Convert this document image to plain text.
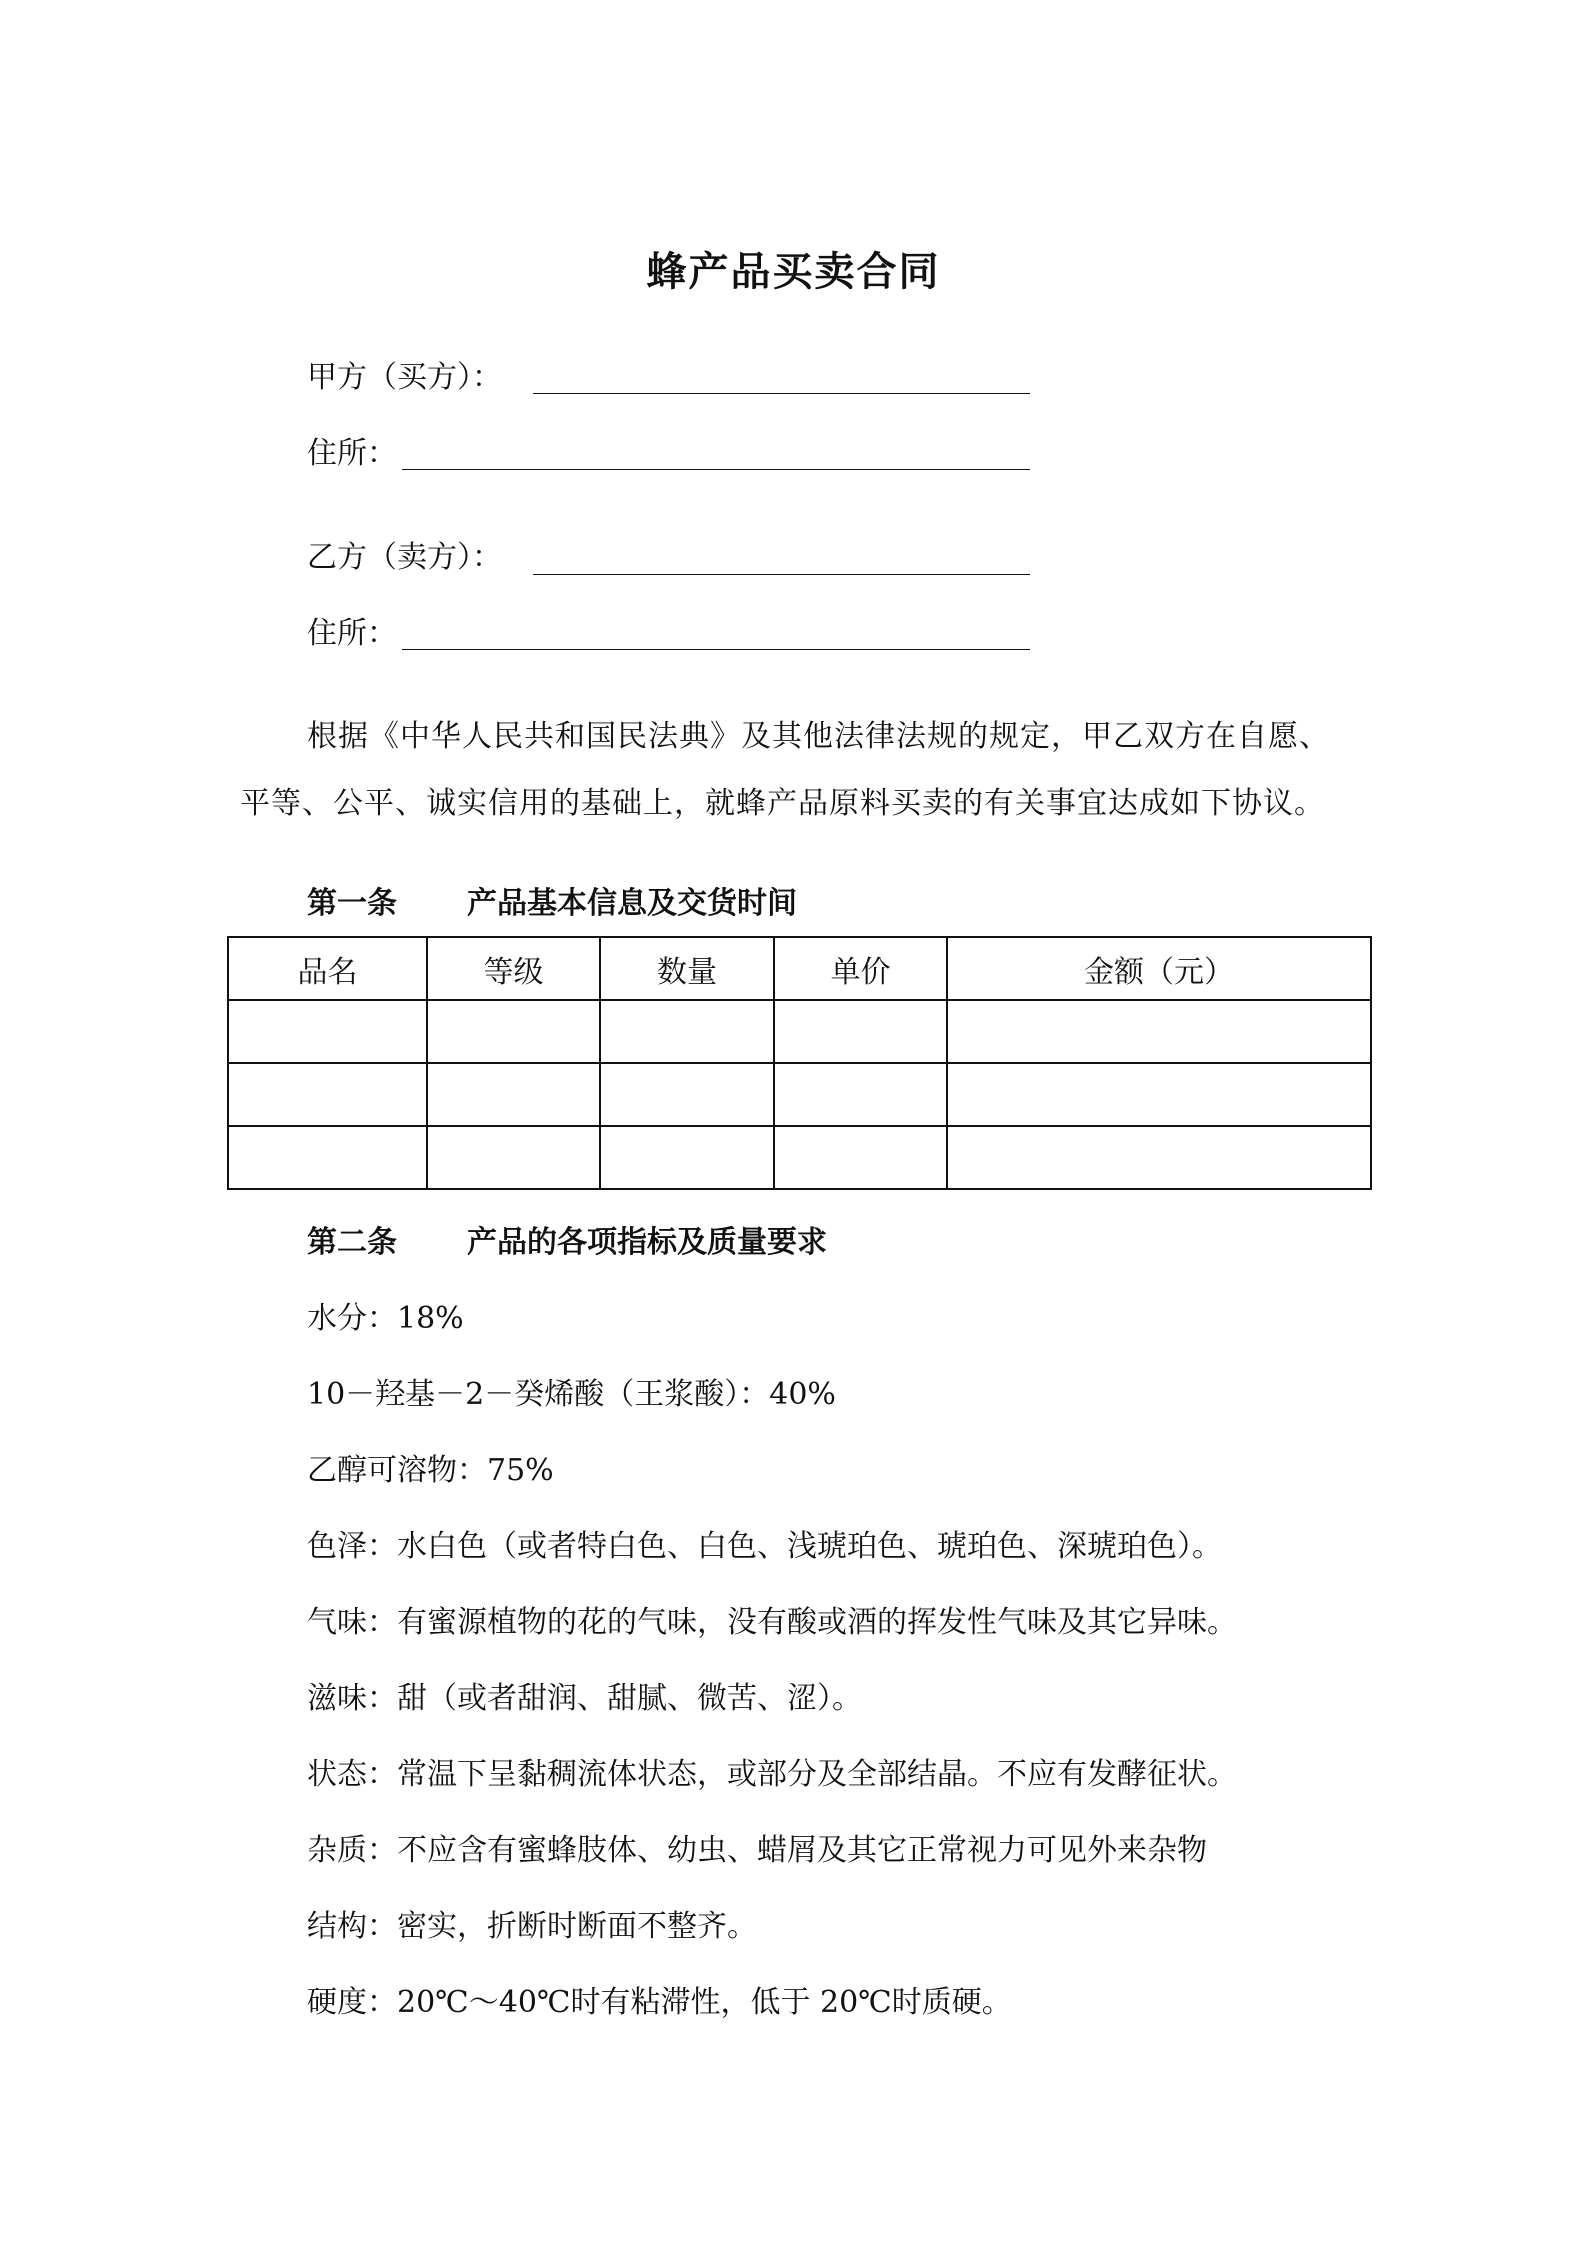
蜂产品买卖合同
甲方（买方）：
住所：
乙方（卖方）：
住所：
根据《中华人民共和国民法典》及其他法律法规的规定，甲乙双方在自愿、平等、公平、诚实信用的基础上，就蜂产品原料买卖的有关事宜达成如下协议。
第一条 产品基本信息及交货时间
品名	等级	数量	单价	金额（元）

第二条 产品的各项指标及质量要求
水分：18%
10－羟基－2－癸烯酸（王浆酸）：40%
乙醇可溶物：75%
色泽：水白色（或者特白色、白色、浅琥珀色、琥珀色、深琥珀色）。
气味：有蜜源植物的花的气味，没有酸或酒的挥发性气味及其它异味。
滋味：甜（或者甜润、甜腻、微苦、涩）。
状态：常温下呈黏稠流体状态，或部分及全部结晶。不应有发酵征状。
杂质：不应含有蜜蜂肢体、幼虫、蜡屑及其它正常视力可见外来杂物
结构：密实，折断时断面不整齐。
硬度：20℃～40℃时有粘滞性，低于 20℃时质硬。
